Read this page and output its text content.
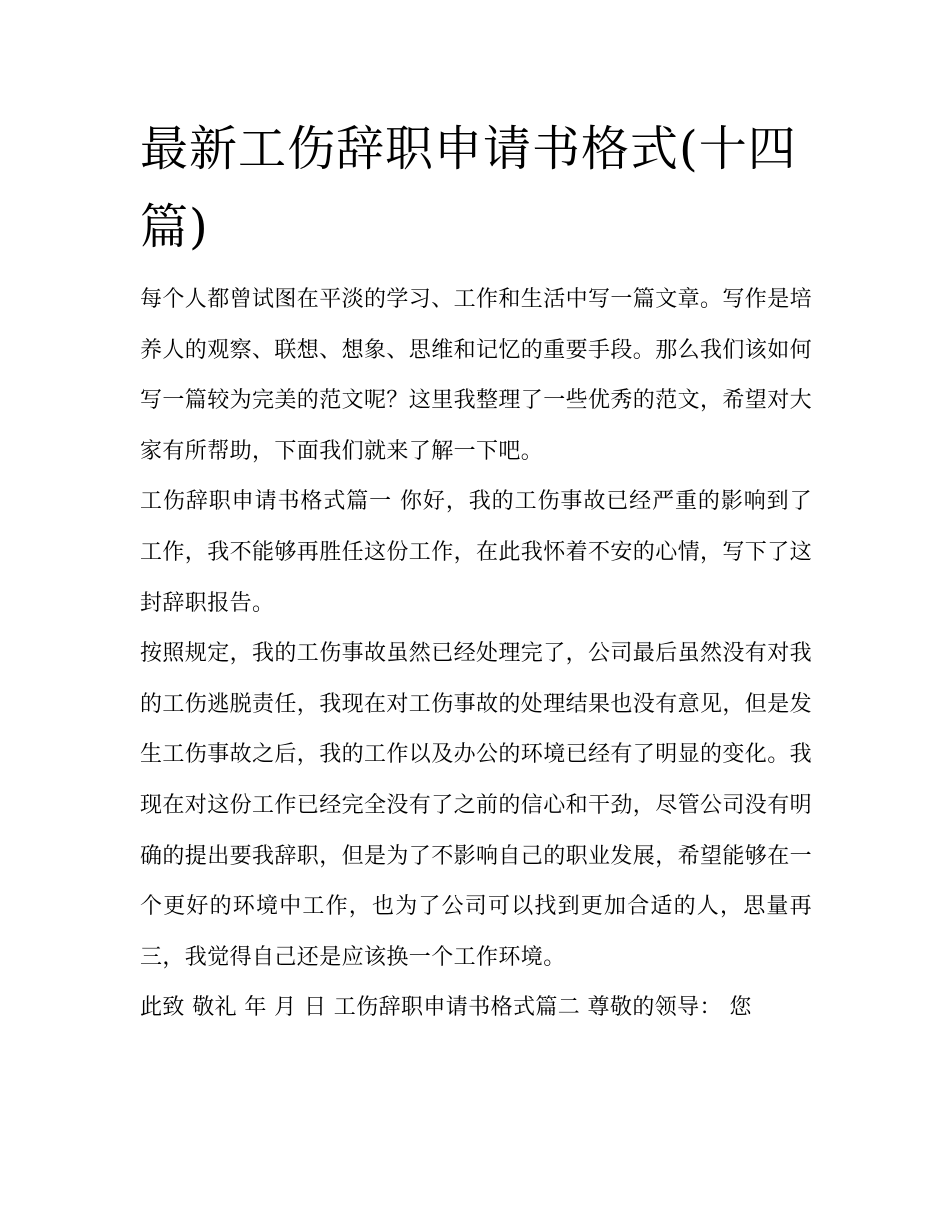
最新工伤辞职申请书格式(十四篇)

每个人都曾试图在平淡的学习、工作和生活中写一篇文章。写作是培养人的观察、联想、想象、思维和记忆的重要手段。那么我们该如何写一篇较为完美的范文呢？这里我整理了一些优秀的范文，希望对大家有所帮助，下面我们就来了解一下吧。

工伤辞职申请书格式篇一 你好，我的工伤事故已经严重的影响到了工作，我不能够再胜任这份工作，在此我怀着不安的心情，写下了这封辞职报告。

按照规定，我的工伤事故虽然已经处理完了，公司最后虽然没有对我的工伤逃脱责任，我现在对工伤事故的处理结果也没有意见，但是发生工伤事故之后，我的工作以及办公的环境已经有了明显的变化。我现在对这份工作已经完全没有了之前的信心和干劲，尽管公司没有明确的提出要我辞职，但是为了不影响自己的职业发展，希望能够在一个更好的环境中工作，也为了公司可以找到更加合适的人，思量再三，我觉得自己还是应该换一个工作环境。

此致 敬礼 年 月 日 工伤辞职申请书格式篇二 尊敬的领导： 您
